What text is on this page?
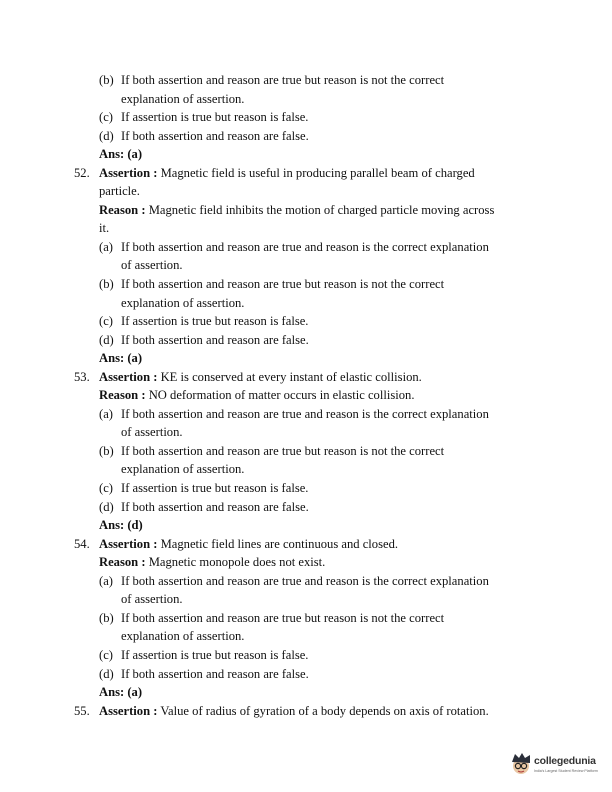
(b) If both assertion and reason are true but reason is not the correct
explanation of assertion.
(c) If assertion is true but reason is false.
(d) If both assertion and reason are false.
Ans: (a)
52. Assertion : Magnetic field is useful in producing parallel beam of charged
particle.
Reason : Magnetic field inhibits the motion of charged particle moving across
it.
(a) If both assertion and reason are true and reason is the correct explanation
of assertion.
(b) If both assertion and reason are true but reason is not the correct
explanation of assertion.
(c) If assertion is true but reason is false.
(d) If both assertion and reason are false.
Ans: (a)
53. Assertion : KE is conserved at every instant of elastic collision.
Reason : NO deformation of matter occurs in elastic collision.
(a) If both assertion and reason are true and reason is the correct explanation
of assertion.
(b) If both assertion and reason are true but reason is not the correct
explanation of assertion.
(c) If assertion is true but reason is false.
(d) If both assertion and reason are false.
Ans: (d)
54. Assertion : Magnetic field lines are continuous and closed.
Reason : Magnetic monopole does not exist.
(a) If both assertion and reason are true and reason is the correct explanation
of assertion.
(b) If both assertion and reason are true but reason is not the correct
explanation of assertion.
(c) If assertion is true but reason is false.
(d) If both assertion and reason are false.
Ans: (a)
55. Assertion : Value of radius of gyration of a body depends on axis of rotation.
collegedunia
India's Largest Student Review Platform
